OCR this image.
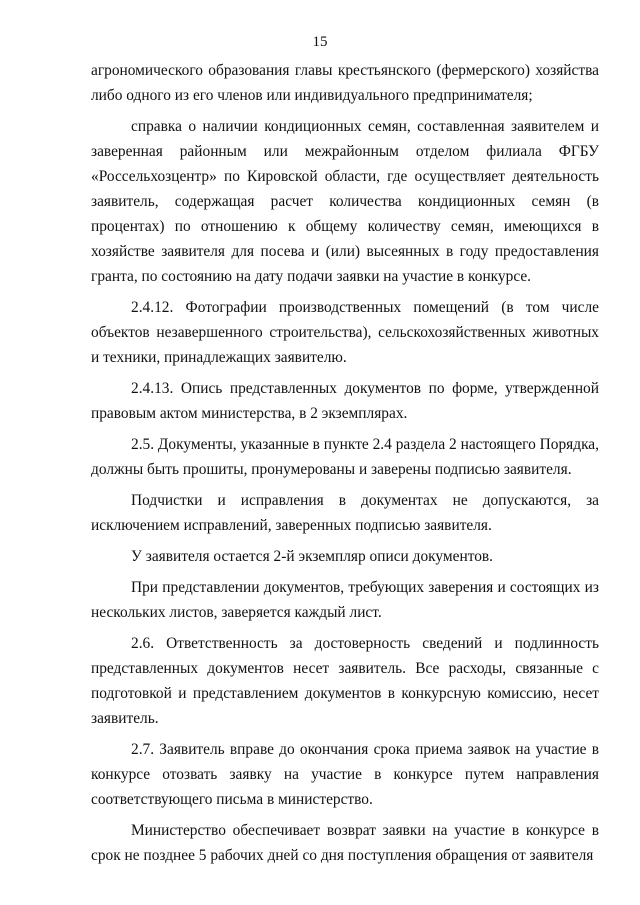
15

агрономического образования главы крестьянского (фермерского) хозяйства либо одного из его членов или индивидуального предпринимателя;

справка о наличии кондиционных семян, составленная заявителем и заверенная районным или межрайонным отделом филиала ФГБУ «Россельхозцентр» по Кировской области, где осуществляет деятельность заявитель, содержащая расчет количества кондиционных семян (в процентах) по отношению к общему количеству семян, имеющихся в хозяйстве заявителя для посева и (или) высеянных в году предоставления гранта, по состоянию на дату подачи заявки на участие в конкурсе.

2.4.12. Фотографии производственных помещений (в том числе объектов незавершенного строительства), сельскохозяйственных животных и техники, принадлежащих заявителю.

2.4.13. Опись представленных документов по форме, утвержденной правовым актом министерства, в 2 экземплярах.

2.5. Документы, указанные в пункте 2.4 раздела 2 настоящего Порядка, должны быть прошиты, пронумерованы и заверены подписью заявителя.

Подчистки и исправления в документах не допускаются, за исключением исправлений, заверенных подписью заявителя.

У заявителя остается 2-й экземпляр описи документов.

При представлении документов, требующих заверения и состоящих из нескольких листов, заверяется каждый лист.

2.6. Ответственность за достоверность сведений и подлинность представленных документов несет заявитель. Все расходы, связанные с подготовкой и представлением документов в конкурсную комиссию, несет заявитель.

2.7. Заявитель вправе до окончания срока приема заявок на участие в конкурсе отозвать заявку на участие в конкурсе путем направления соответствующего письма в министерство.

Министерство обеспечивает возврат заявки на участие в конкурсе в срок не позднее 5 рабочих дней со дня поступления обращения от заявителя
